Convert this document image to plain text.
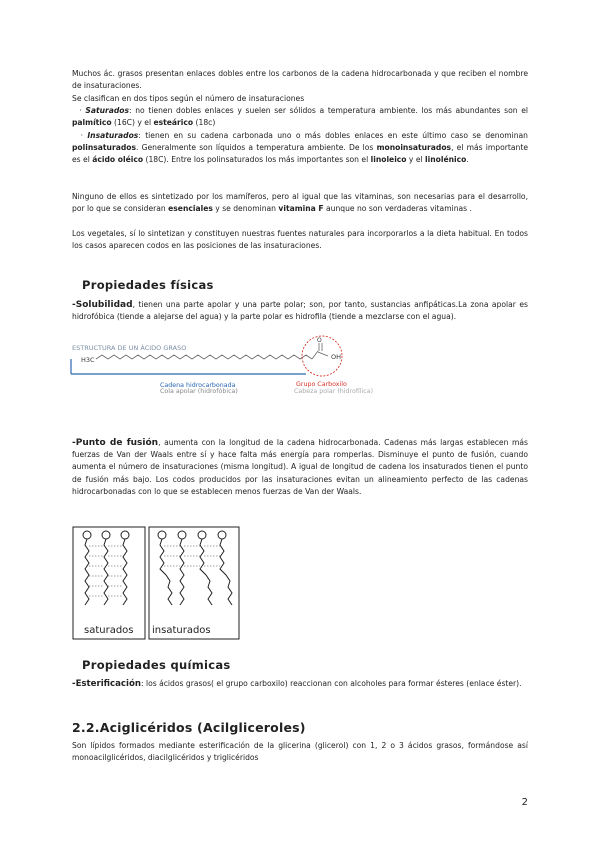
Muchos ác. grasos presentan enlaces dobles entre los carbonos de la cadena hidrocarbonada y que reciben el nombre de insaturaciones.

Se clasifican en dos tipos según el número de insaturaciones

· Saturados: no tienen dobles enlaces y suelen ser sólidos a temperatura ambiente. los más abundantes son el palmítico (16C) y el esteárico (18c)

· Insaturados: tienen en su cadena carbonada uno o más dobles enlaces en este último caso se denominan polinsaturados. Generalmente son líquidos a temperatura ambiente. De los monoinsaturados, el más importante es el ácido oléico (18C). Entre los polinsaturados los más importantes son el linoleico y el linolénico.

Ninguno de ellos es sintetizado por los mamíferos, pero al igual que las vitaminas, son necesarias para el desarrollo, por lo que se consideran esenciales y se denominan vitamina F aunque no son verdaderas vitaminas .

Los vegetales, sí lo sintetizan y constituyen nuestras fuentes naturales para incorporarlos a la dieta habitual. En todos los casos aparecen codos en las posiciones de las insaturaciones.

Propiedades físicas

-Solubilidad, tienen una parte apolar y una parte polar; son, por tanto, sustancias anfipáticas.La zona apolar es hidrofóbica (tiende a alejarse del agua) y la parte polar es hidrofila (tiende a mezclarse con el agua).

ESTRUCTURA DE UN ÁCIDO GRASO
H3C
O
OH
Cadena hidrocarbonada
Cola apolar (hidrofóbica)
Grupo Carboxilo
Cabeza polar (hidrofílica)

-Punto de fusión, aumenta con la longitud de la cadena hidrocarbonada. Cadenas más largas establecen más fuerzas de Van der Waals entre sí y hace falta más energía para romperlas. Disminuye el punto de fusión, cuando aumenta el número de insaturaciones (misma longitud). A igual de longitud de cadena los insaturados tienen el punto de fusión más bajo. Los codos producidos por las insaturaciones evitan un alineamiento perfecto de las cadenas hidrocarbonadas con lo que se establecen menos fuerzas de Van der Waals.

saturados insaturados

Propiedades químicas

-Esterificación: los ácidos grasos( el grupo carboxilo) reaccionan con alcoholes para formar ésteres (enlace éster).

2.2.Aciglicéridos (Acilgliceroles)

Son lípidos formados mediante esterificación de la glicerina (glicerol) con 1, 2 o 3 ácidos grasos, formándose así monoacilglicéridos, diacilglicéridos y triglicéridos

2
